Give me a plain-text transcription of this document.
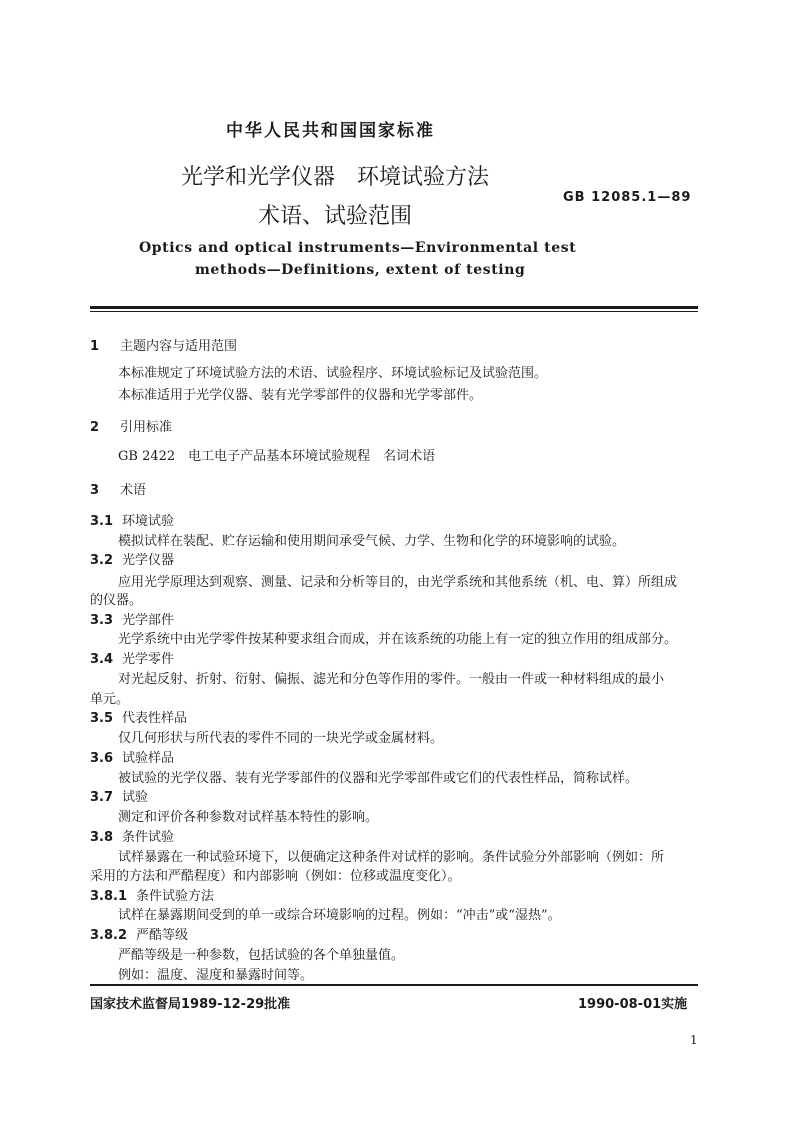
中华人民共和国国家标准
光学和光学仪器　环境试验方法
术语、试验范围
GB 12085.1—89
Optics and optical instruments—Environmental test
methods—Definitions, extent of testing
1 主题内容与适用范围
本标准规定了环境试验方法的术语、试验程序、环境试验标记及试验范围。
本标准适用于光学仪器、装有光学零部件的仪器和光学零部件。
2 引用标准
GB 2422　电工电子产品基本环境试验规程　名词术语
3 术语
3.1 环境试验
模拟试样在装配、贮存运输和使用期间承受气候、力学、生物和化学的环境影响的试验。
3.2 光学仪器
应用光学原理达到观察、测量、记录和分析等目的，由光学系统和其他系统（机、电、算）所组成
的仪器。
3.3 光学部件
光学系统中由光学零件按某种要求组合而成，并在该系统的功能上有一定的独立作用的组成部分。
3.4 光学零件
对光起反射、折射、衍射、偏振、滤光和分色等作用的零件。一般由一件或一种材料组成的最小
单元。
3.5 代表性样品
仅几何形状与所代表的零件不同的一块光学或金属材料。
3.6 试验样品
被试验的光学仪器、装有光学零部件的仪器和光学零部件或它们的代表性样品，简称试样。
3.7 试验
测定和评价各种参数对试样基本特性的影响。
3.8 条件试验
试样暴露在一种试验环境下，以便确定这种条件对试样的影响。条件试验分外部影响（例如：所
采用的方法和严酷程度）和内部影响（例如：位移或温度变化）。
3.8.1 条件试验方法
试样在暴露期间受到的单一或综合环境影响的过程。例如：“冲击”或“湿热”。
3.8.2 严酷等级
严酷等级是一种参数，包括试验的各个单独量值。
例如：温度、湿度和暴露时间等。
国家技术监督局1989-12-29批准	1990-08-01实施
1
